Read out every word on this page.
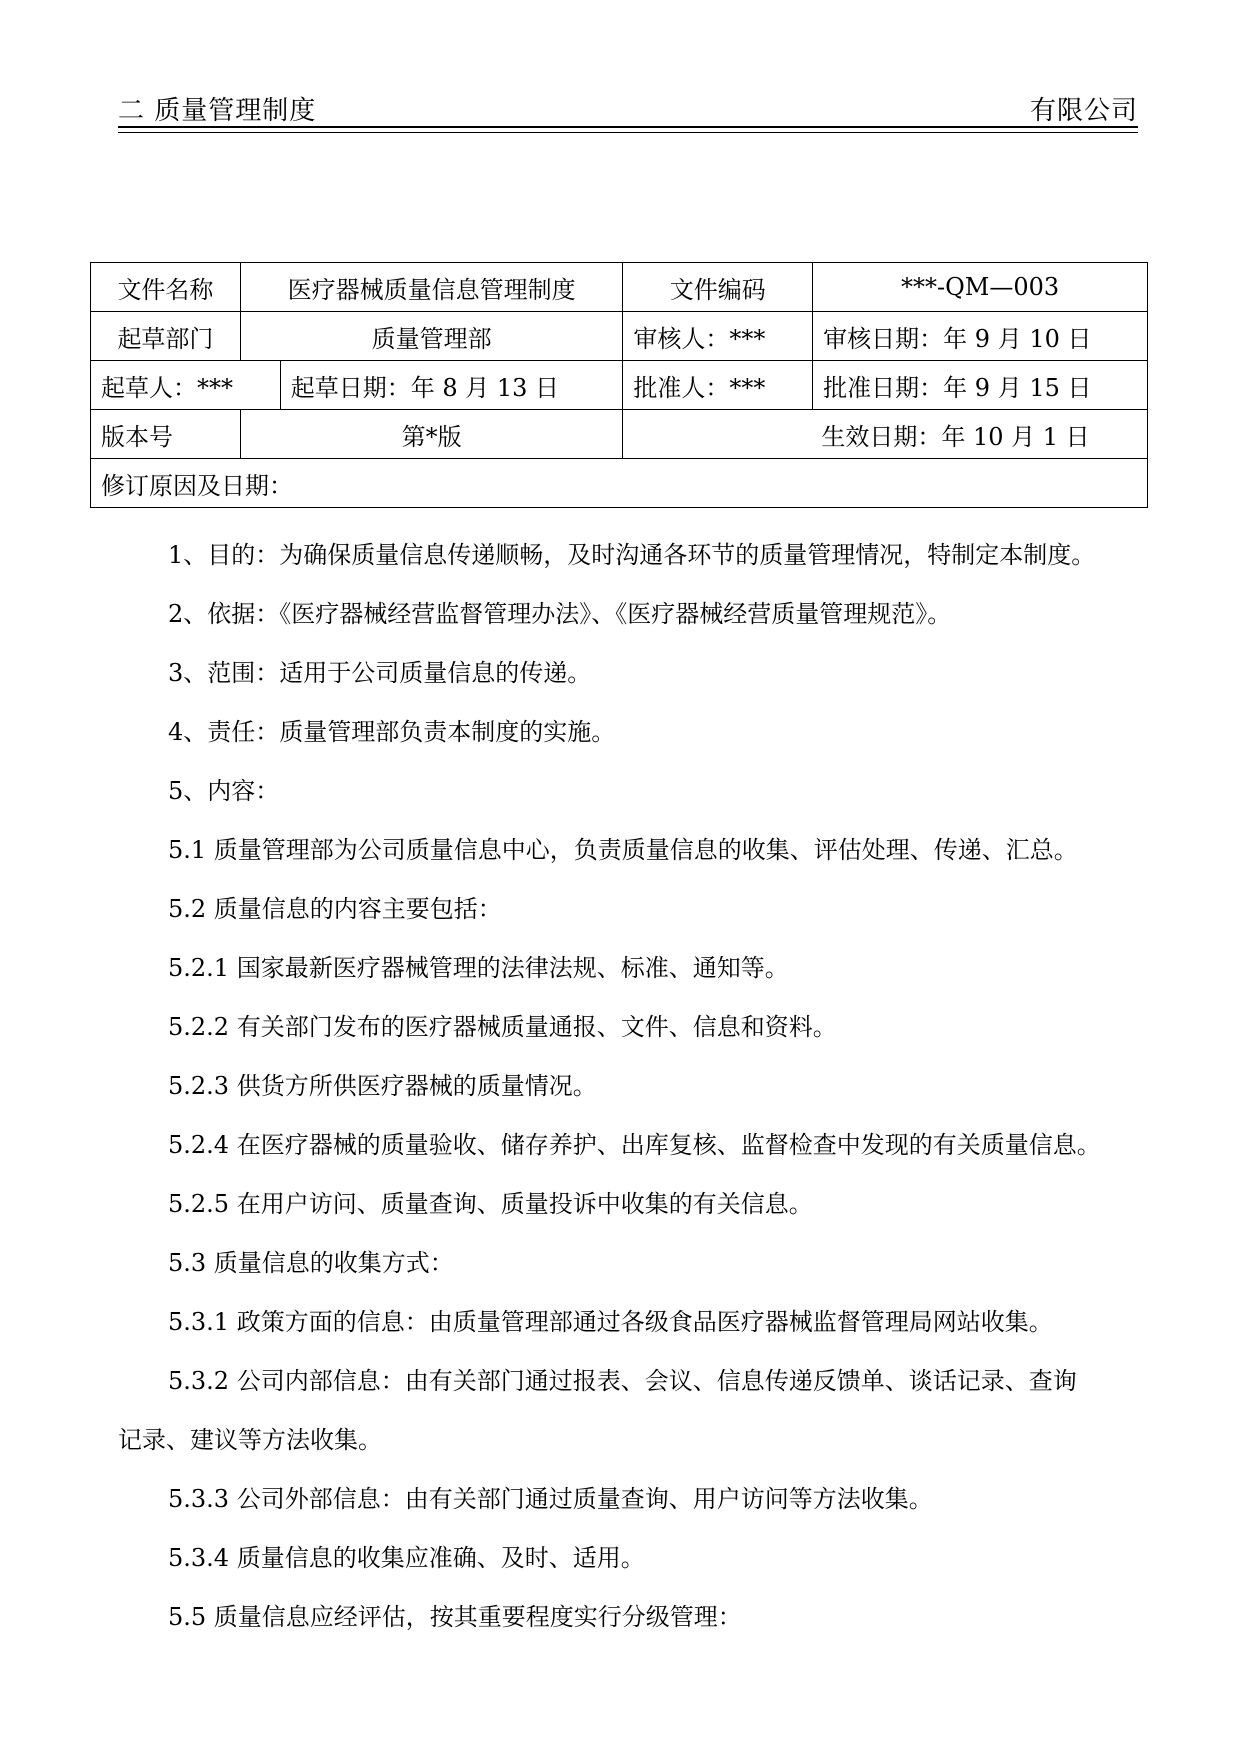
二 质量管理制度	有限公司
文件名称	医疗器械质量信息管理制度		文件编码	***-QM—003
起草部门	质量管理部		审核人：***	审核日期：年 9 月 10 日
起草人：***		起草日期：年 8 月 13 日	批准人：***	批准日期：年 9 月 15 日
版本号	第*版		生效日期：年 10 月 1 日	
修订原因及日期：				
1、目的：为确保质量信息传递顺畅，及时沟通各环节的质量管理情况，特制定本制度。
2、依据：《医疗器械经营监督管理办法》、《医疗器械经营质量管理规范》。
3、范围：适用于公司质量信息的传递。
4、责任：质量管理部负责本制度的实施。
5、内容：
5.1 质量管理部为公司质量信息中心，负责质量信息的收集、评估处理、传递、汇总。
5.2 质量信息的内容主要包括：
5.2.1 国家最新医疗器械管理的法律法规、标准、通知等。
5.2.2 有关部门发布的医疗器械质量通报、文件、信息和资料。
5.2.3 供货方所供医疗器械的质量情况。
5.2.4 在医疗器械的质量验收、储存养护、出库复核、监督检查中发现的有关质量信息。
5.2.5 在用户访问、质量查询、质量投诉中收集的有关信息。
5.3 质量信息的收集方式：
5.3.1 政策方面的信息：由质量管理部通过各级食品医疗器械监督管理局网站收集。
5.3.2 公司内部信息：由有关部门通过报表、会议、信息传递反馈单、谈话记录、查询
记录、建议等方法收集。
5.3.3 公司外部信息：由有关部门通过质量查询、用户访问等方法收集。
5.3.4 质量信息的收集应准确、及时、适用。
5.5 质量信息应经评估，按其重要程度实行分级管理：
